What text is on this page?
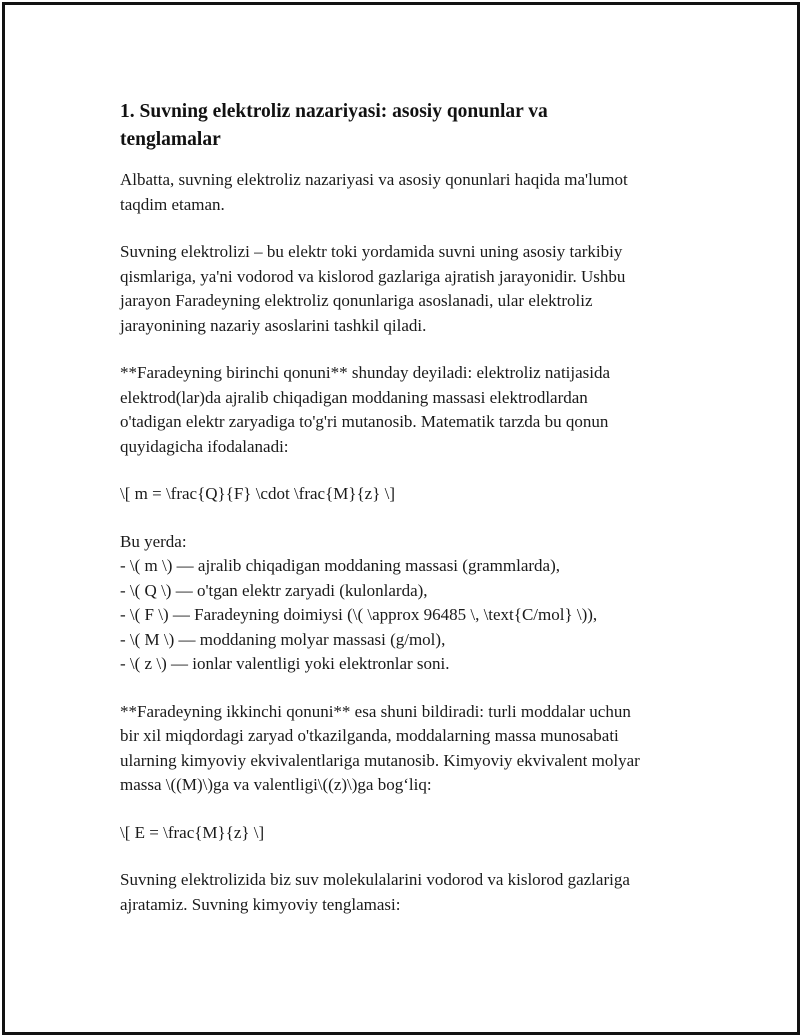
1. Suvning elektroliz nazariyasi: asosiy qonunlar va
tenglamalar

Albatta, suvning elektroliz nazariyasi va asosiy qonunlari haqida ma'lumot
taqdim etaman.

Suvning elektrolizi – bu elektr toki yordamida suvni uning asosiy tarkibiy
qismlariga, ya'ni vodorod va kislorod gazlariga ajratish jarayonidir. Ushbu
jarayon Faradeyning elektroliz qonunlariga asoslanadi, ular elektroliz
jarayonining nazariy asoslarini tashkil qiladi.

**Faradeyning birinchi qonuni** shunday deyiladi: elektroliz natijasida
elektrod(lar)da ajralib chiqadigan moddaning massasi elektrodlardan
o'tadigan elektr zaryadiga to'g'ri mutanosib. Matematik tarzda bu qonun
quyidagicha ifodalanadi:

\[ m = \frac{Q}{F} \cdot \frac{M}{z} \]

Bu yerda:
- \( m \) — ajralib chiqadigan moddaning massasi (grammlarda),
- \( Q \) — o'tgan elektr zaryadi (kulonlarda),
- \( F \) — Faradeyning doimiysi (\( \approx 96485 \, \text{C/mol} \)),
- \( M \) — moddaning molyar massasi (g/mol),
- \( z \) — ionlar valentligi yoki elektronlar soni.

**Faradeyning ikkinchi qonuni** esa shuni bildiradi: turli moddalar uchun
bir xil miqdordagi zaryad o'tkazilganda, moddalarning massa munosabati
ularning kimyoviy ekvivalentlariga mutanosib. Kimyoviy ekvivalent molyar
massa \((M)\)ga va valentligi\((z)\)ga bog‘liq:

\[ E = \frac{M}{z} \]

Suvning elektrolizida biz suv molekulalarini vodorod va kislorod gazlariga
ajratamiz. Suvning kimyoviy tenglamasi:
